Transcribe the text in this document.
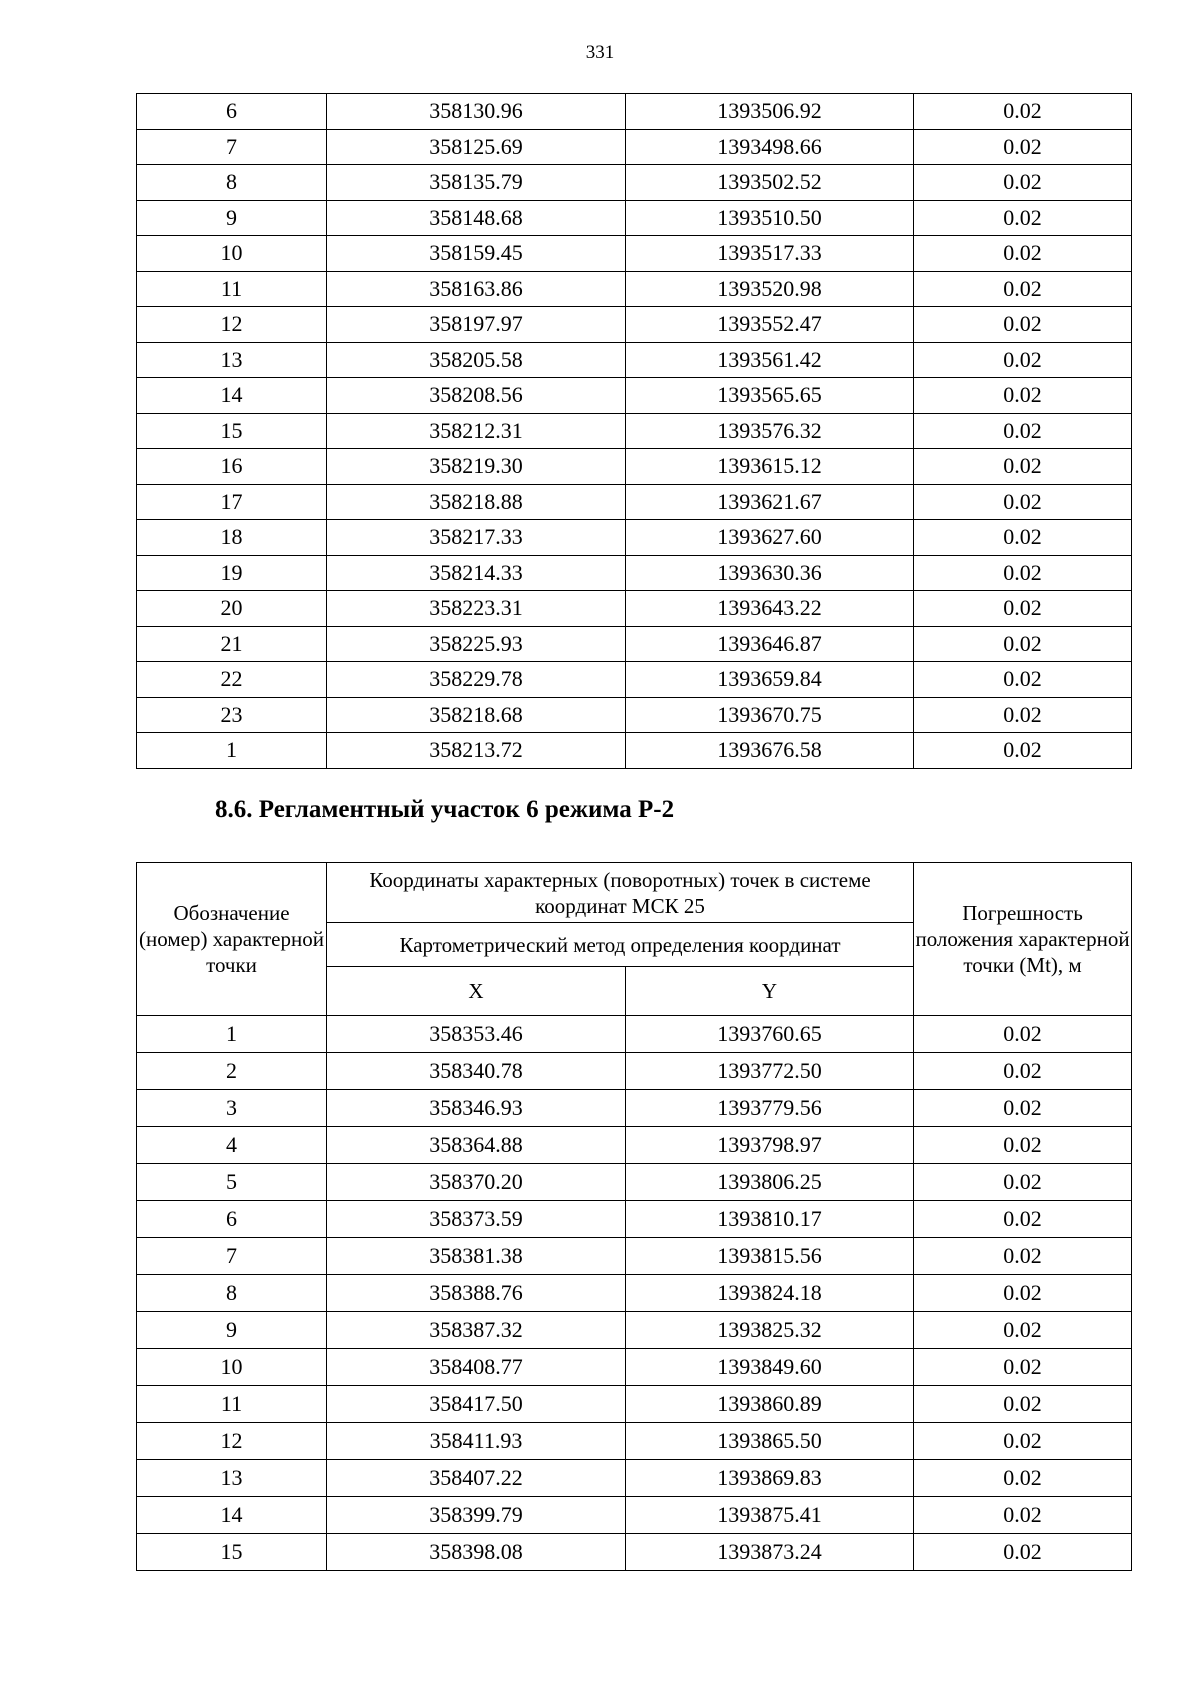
331
6	358130.96	1393506.92	0.02
7	358125.69	1393498.66	0.02
8	358135.79	1393502.52	0.02
9	358148.68	1393510.50	0.02
10	358159.45	1393517.33	0.02
11	358163.86	1393520.98	0.02
12	358197.97	1393552.47	0.02
13	358205.58	1393561.42	0.02
14	358208.56	1393565.65	0.02
15	358212.31	1393576.32	0.02
16	358219.30	1393615.12	0.02
17	358218.88	1393621.67	0.02
18	358217.33	1393627.60	0.02
19	358214.33	1393630.36	0.02
20	358223.31	1393643.22	0.02
21	358225.93	1393646.87	0.02
22	358229.78	1393659.84	0.02
23	358218.68	1393670.75	0.02
1	358213.72	1393676.58	0.02
8.6. Регламентный участок 6 режима Р-2
Обозначение (номер) характерной точки	Координаты характерных (поворотных) точек в системе координат МСК 25		Погрешность положения характерной точки (Mt), м
	Картометрический метод определения координат		
	X	Y	
1	358353.46	1393760.65	0.02
2	358340.78	1393772.50	0.02
3	358346.93	1393779.56	0.02
4	358364.88	1393798.97	0.02
5	358370.20	1393806.25	0.02
6	358373.59	1393810.17	0.02
7	358381.38	1393815.56	0.02
8	358388.76	1393824.18	0.02
9	358387.32	1393825.32	0.02
10	358408.77	1393849.60	0.02
11	358417.50	1393860.89	0.02
12	358411.93	1393865.50	0.02
13	358407.22	1393869.83	0.02
14	358399.79	1393875.41	0.02
15	358398.08	1393873.24	0.02
